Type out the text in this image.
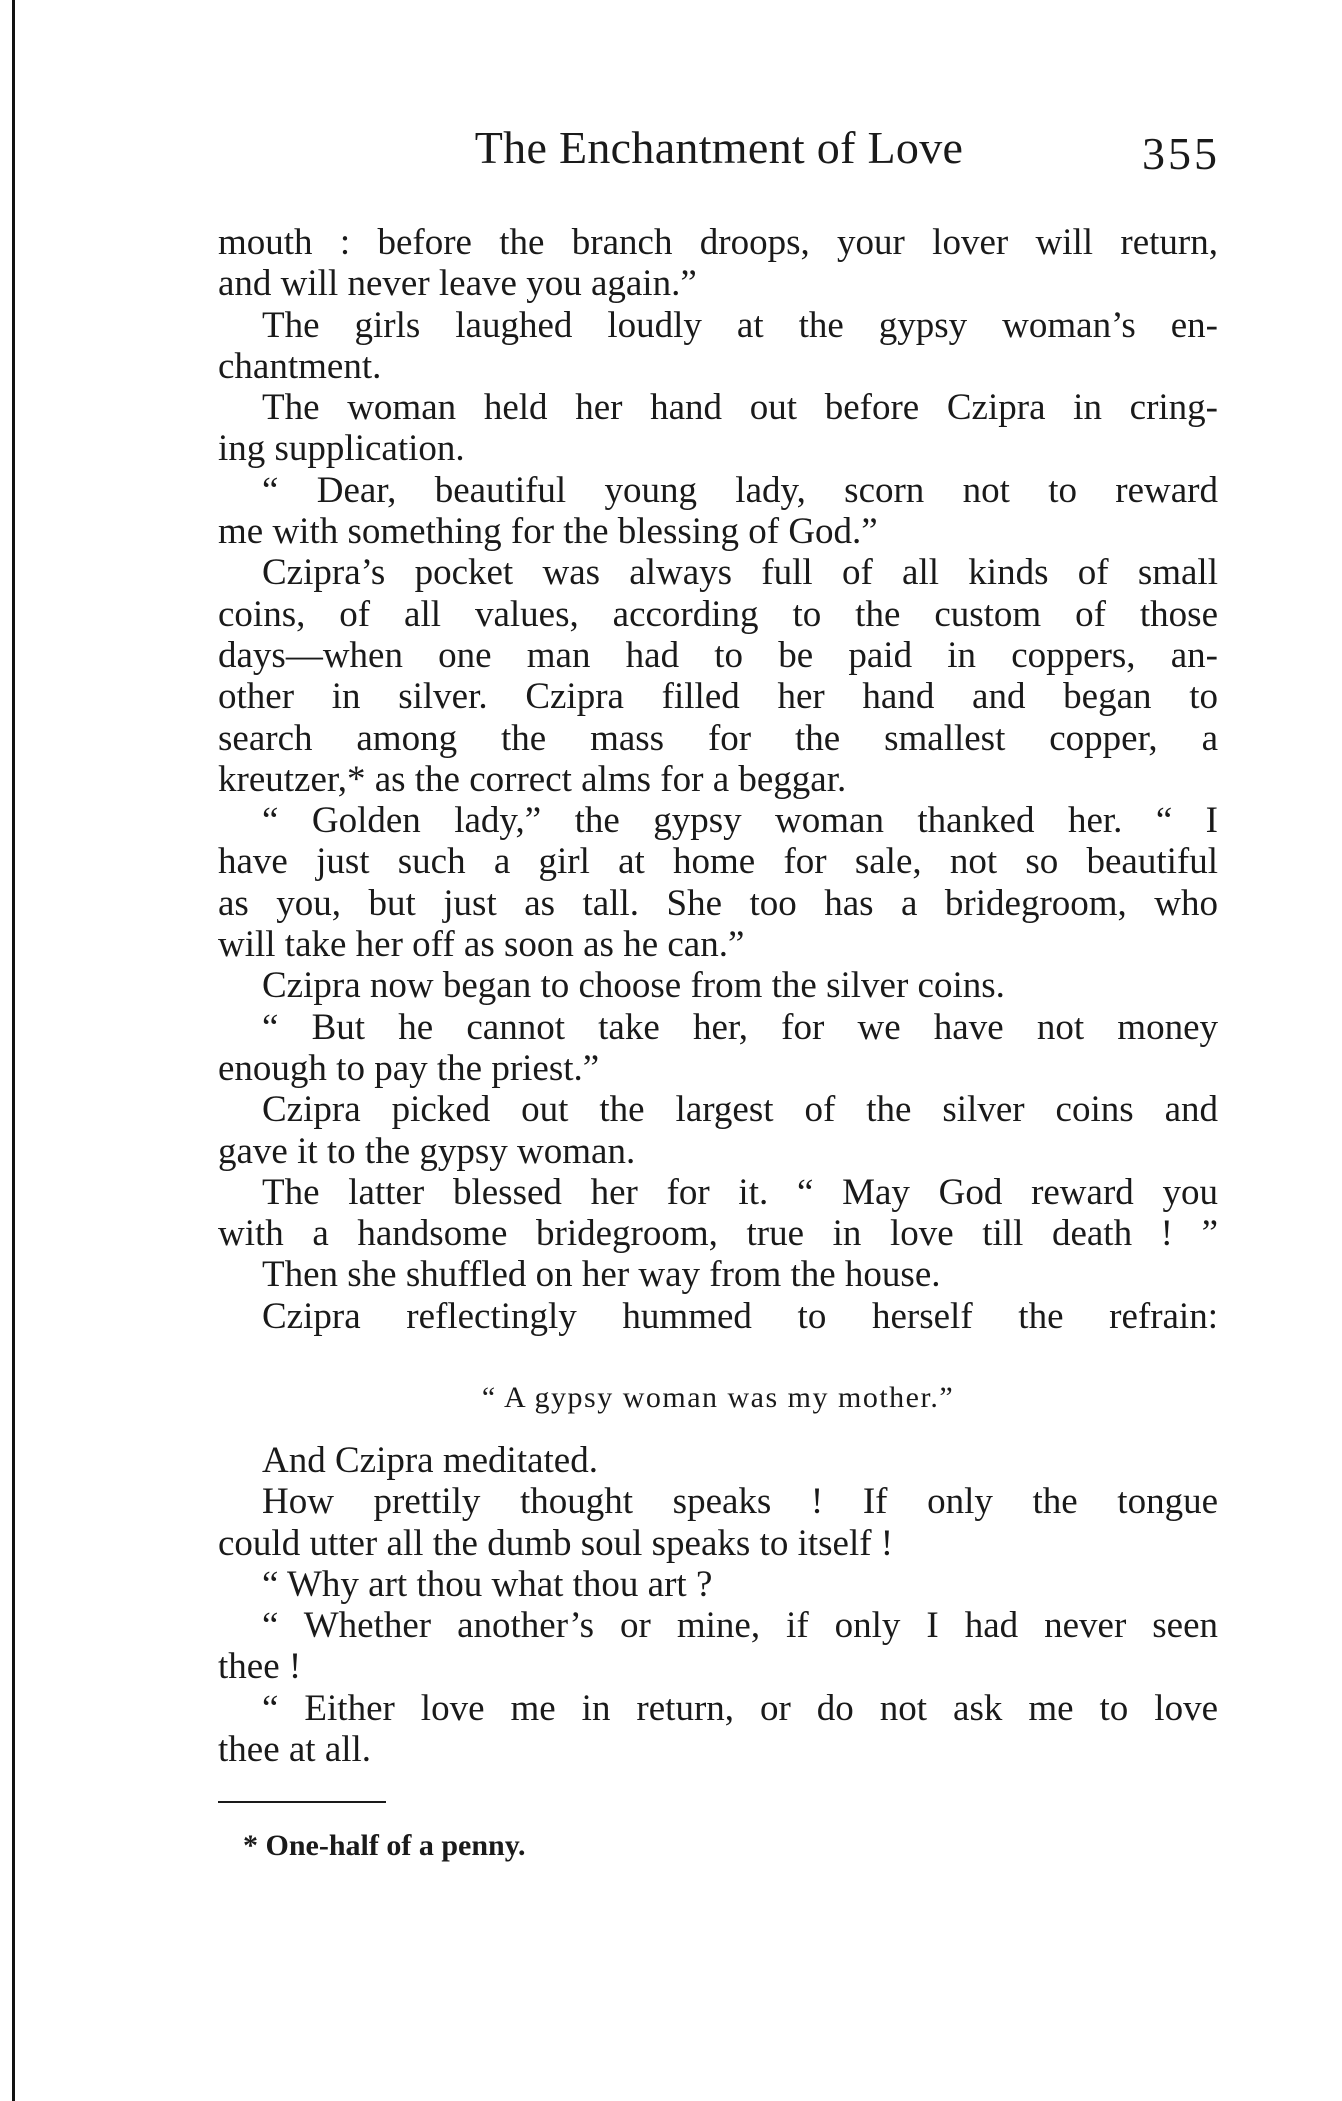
The Enchantment of Love	355
mouth : before the branch droops, your lover will return,
and will never leave you again.”
The girls laughed loudly at the gypsy woman’s en-
chantment.
The woman held her hand out before Czipra in cring-
ing supplication.
“ Dear, beautiful young lady, scorn not to reward
me with something for the blessing of God.”
Czipra’s pocket was always full of all kinds of small
coins, of all values, according to the custom of those
days—when one man had to be paid in coppers, an-
other in silver. Czipra filled her hand and began to
search among the mass for the smallest copper, a
kreutzer,* as the correct alms for a beggar.
“ Golden lady,” the gypsy woman thanked her. “ I
have just such a girl at home for sale, not so beautiful
as you, but just as tall. She too has a bridegroom, who
will take her off as soon as he can.”
Czipra now began to choose from the silver coins.
“ But he cannot take her, for we have not money
enough to pay the priest.”
Czipra picked out the largest of the silver coins and
gave it to the gypsy woman.
The latter blessed her for it. “ May God reward you
with a handsome bridegroom, true in love till death ! ”
Then she shuffled on her way from the house.
Czipra reflectingly hummed to herself the refrain:
“ A gypsy woman was my mother.”
And Czipra meditated.
How prettily thought speaks ! If only the tongue
could utter all the dumb soul speaks to itself !
“ Why art thou what thou art ?
“ Whether another’s or mine, if only I had never seen
thee !
“ Either love me in return, or do not ask me to love
thee at all.
* One-half of a penny.
